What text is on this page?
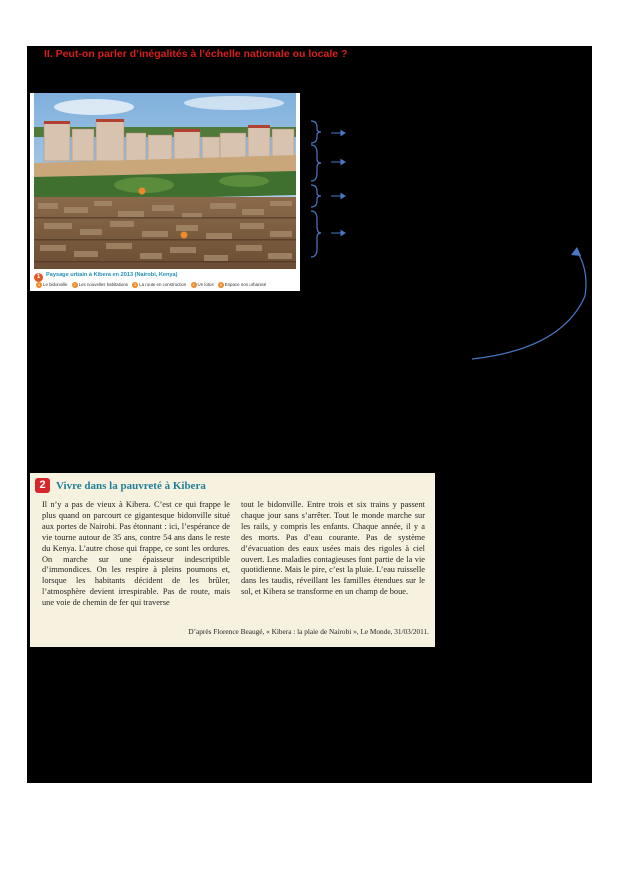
II. Peut-on parler d’inégalités à l’échelle nationale ou locale ?
1	Paysage urbain à Kibera en 2013 (Nairobi, Kenya)
1 Le bidonville 2 Les nouvelles habitations 3 La route en construction 4 Un lotus 5 Espace non urbanisé
2 Vivre dans la pauvreté à Kibera
Il n’y a pas de vieux à Kibera. C’est ce qui frappe le plus quand on parcourt ce gigantesque bidonville situé aux portes de Nairobi. Pas étonnant : ici, l’espérance de vie tourne autour de 35 ans, contre 54 ans dans le reste du Kenya. L’autre chose qui frappe, ce sont les ordures. On marche sur une épaisseur indescriptible d’immondices. On les respire à pleins poumons et, lorsque les habitants décident de les brûler, l’atmosphère devient irrespirable. Pas de route, mais une voie de chemin de fer qui traverse
tout le bidonville. Entre trois et six trains y passent chaque jour sans s’arrêter. Tout le monde marche sur les rails, y compris les enfants. Chaque année, il y a des morts. Pas d’eau courante. Pas de système d’évacuation des eaux usées mais des rigoles à ciel ouvert. Les maladies contagieuses font partie de la vie quotidienne. Mais le pire, c’est la pluie. L’eau ruisselle dans les taudis, réveillant les familles étendues sur le sol, et Kibera se transforme en un champ de boue.
D’après Florence Beaugé, « Kibera : la plaie de Nairobi », Le Monde, 31/03/2011.
